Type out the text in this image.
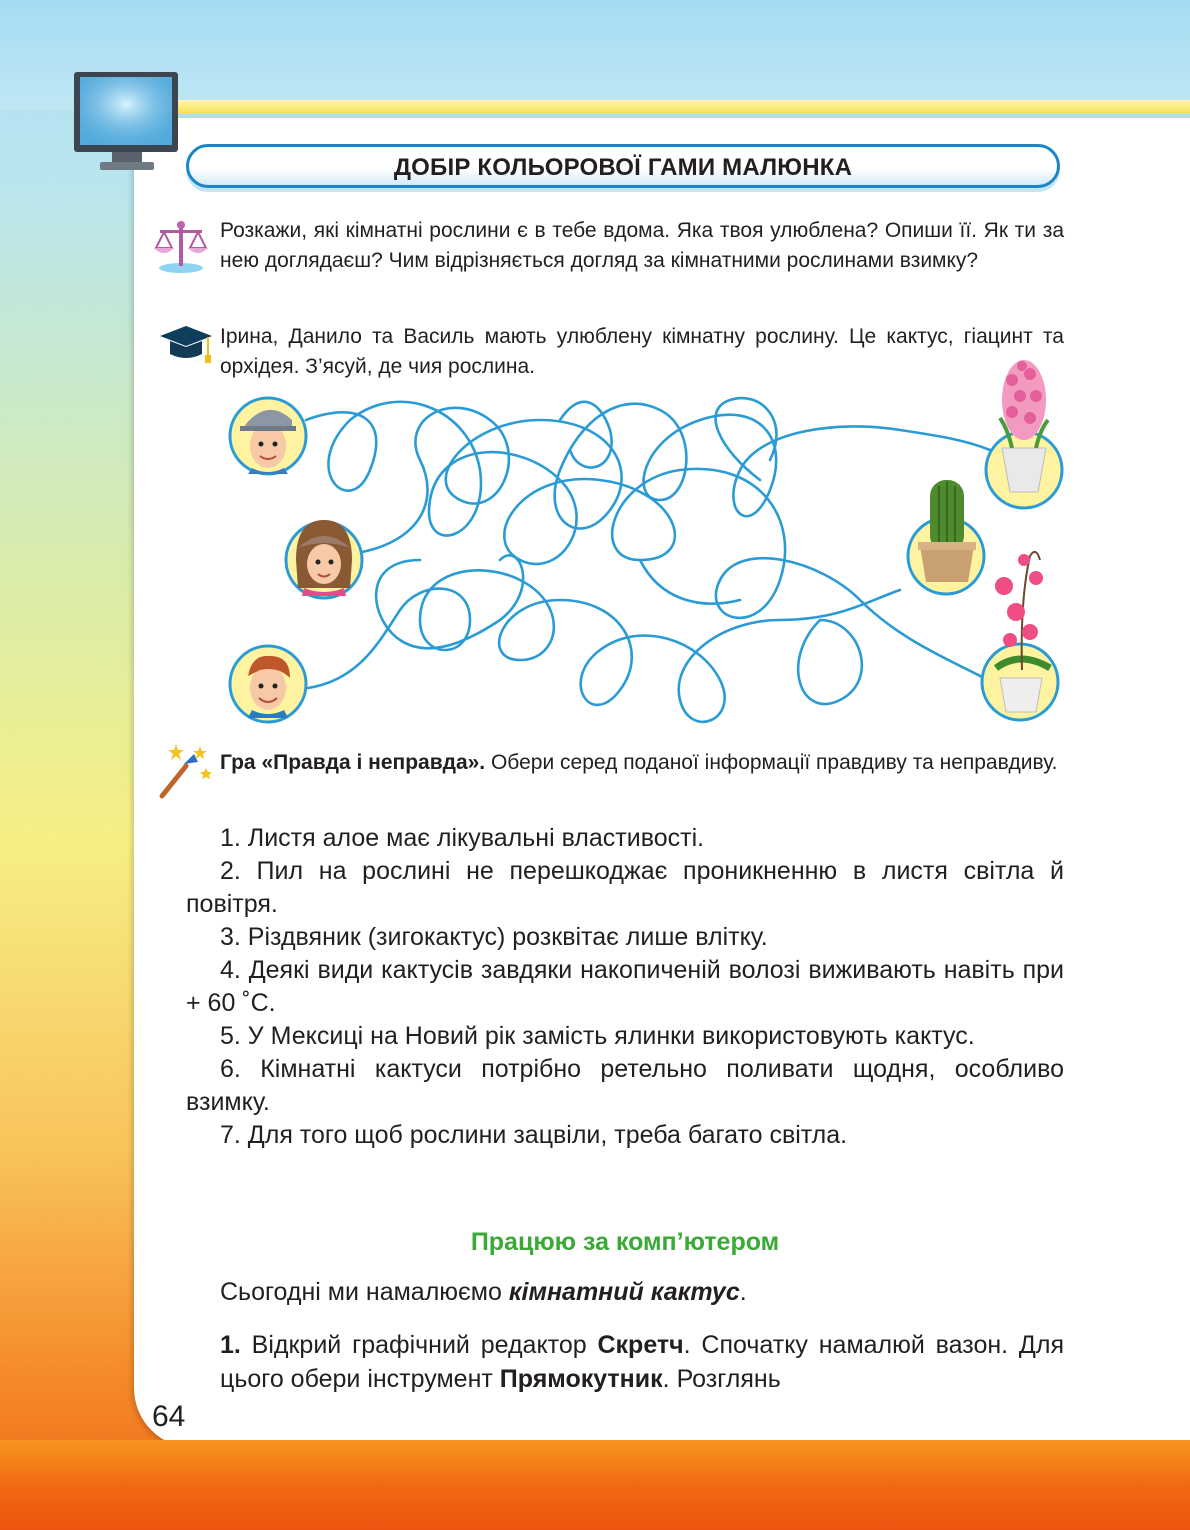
ДОБІР КОЛЬОРОВОЇ ГАМИ МАЛЮНКА

Розкажи, які кімнатні рослини є в тебе вдома. Яка твоя улюблена? Опиши її. Як ти за нею доглядаєш? Чим відрізняється догляд за кімнатними рослинами взимку?

Ірина, Данило та Василь мають улюблену кімнатну рослину. Це кактус, гіацинт та орхідея. З’ясуй, де чия рослина.

Гра «Правда і неправда». Обери серед поданої інформації правдиву та неправдиву.

1. Листя алое має лікувальні властивості.

2. Пил на рослині не перешкоджає проникненню в листя світла й повітря.

3. Різдвяник (зигокактус) розквітає лише влітку.

4. Деякі види кактусів завдяки накопиченій волозі виживають навіть при + 60 ˚С.

5. У Мексиці на Новий рік замість ялинки використовують кактус.

6. Кімнатні кактуси потрібно ретельно поливати щодня, особливо взимку.

7. Для того щоб рослини зацвіли, треба багато світла.

Працюю за комп’ютером
Сьогодні ми намалюємо кімнатний кактус.
1. Відкрий графічний редактор Скретч. Спочатку намалюй вазон. Для цього обери інструмент Прямокутник. Розглянь
64
